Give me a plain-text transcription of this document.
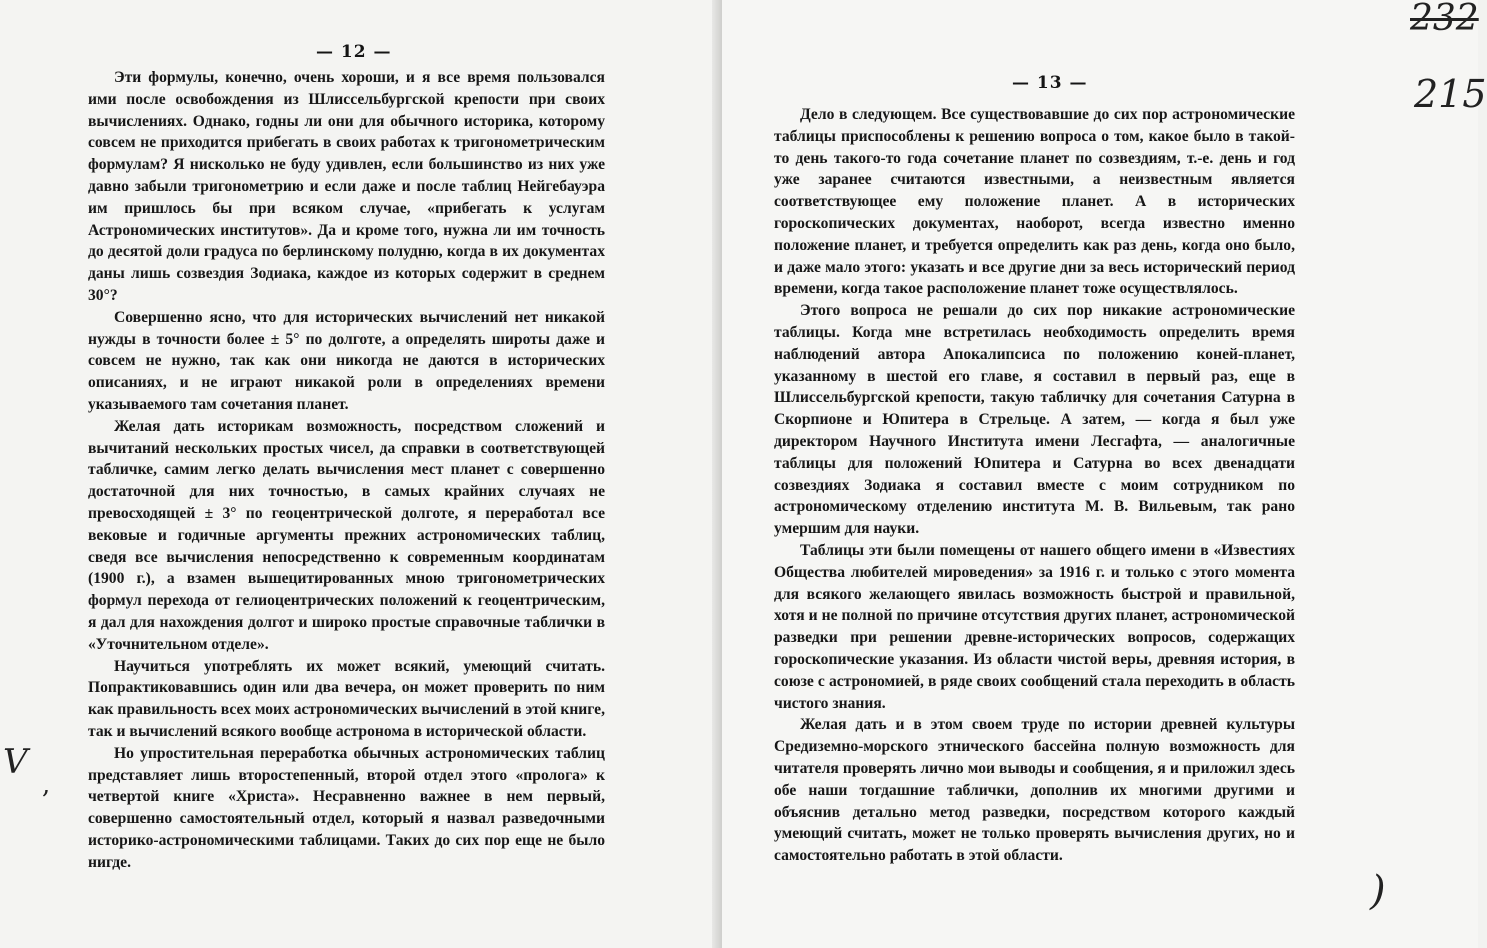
— 12 —

Эти формулы, конечно, очень хороши, и я все время пользовался ими после освобождения из Шлиссельбургской крепости при своих вычислениях. Однако, годны ли они для обычного историка, которому совсем не приходится прибегать в своих работах к тригонометрическим формулам? Я нисколько не буду удивлен, если большинство из них уже давно забыли тригонометрию и если даже и после таблиц Нейгебауэра им пришлось бы при всяком случае, «прибегать к услугам Астрономических институтов». Да и кроме того, нужна ли им точность до десятой доли градуса по берлинскому полудню, когда в их документах даны лишь созвездия Зодиака, каждое из которых содержит в среднем 30°?

Совершенно ясно, что для исторических вычислений нет никакой нужды в точности более ± 5° по долготе, а определять широты даже и совсем не нужно, так как они никогда не даются в исторических описаниях, и не играют никакой роли в определениях времени указываемого там сочетания планет.

Желая дать историкам возможность, посредством сложений и вычитаний нескольких простых чисел, да справки в соответствующей табличке, самим легко делать вычисления мест планет с совершенно достаточной для них точностью, в самых крайних случаях не превосходящей ± 3° по геоцентрической долготе, я переработал все вековые и годичные аргументы прежних астрономических таблиц, сведя все вычисления непосредственно к современным координатам (1900 г.), а взамен вышецитированных мною тригонометрических формул перехода от гелиоцентрических положений к геоцентрическим, я дал для нахождения долгот и широко простые справочные таблички в «Уточнительном отделе».

Научиться употреблять их может всякий, умеющий считать. Попрактиковавшись один или два вечера, он может проверить по ним как правильность всех моих астрономических вычислений в этой книге, так и вычислений всякого вообще астронома в исторической области.

Но упростительная переработка обычных астрономических таблиц представляет лишь второстепенный, второй отдел этого «пролога» к четвертой книге «Христа». Несравненно важнее в нем первый, совершенно самостоятельный отдел, который я назвал разведочными историко-астрономическими таблицами. Таких до сих пор еще не было нигде.

V
,
— 13 —

Дело в следующем. Все существовавшие до сих пор астрономические таблицы приспособлены к решению вопроса о том, какое было в такой-то день такого-то года сочетание планет по созвездиям, т.-е. день и год уже заранее считаются известными, а неизвестным является соответствующее ему положение планет. А в исторических гороскопических документах, наоборот, всегда известно именно положение планет, и требуется определить как раз день, когда оно было, и даже мало этого: указать и все другие дни за весь исторический период времени, когда такое расположение планет тоже осуществлялось.

Этого вопроса не решали до сих пор никакие астрономические таблицы. Когда мне встретилась необходимость определить время наблюдений автора Апокалипсиса по положению коней-планет, указанному в шестой его главе, я составил в первый раз, еще в Шлиссельбургской крепости, такую табличку для сочетания Сатурна в Скорпионе и Юпитера в Стрельце. А затем, — когда я был уже директором Научного Института имени Лесгафта, — аналогичные таблицы для положений Юпитера и Сатурна во всех двенадцати созвездиях Зодиака я составил вместе с моим сотрудником по астрономическому отделению института М. В. Вильевым, так рано умершим для науки.

Таблицы эти были помещены от нашего общего имени в «Известиях Общества любителей мироведения» за 1916 г. и только с этого момента для всякого желающего явилась возможность быстрой и правильной, хотя и не полной по причине отсутствия других планет, астрономической разведки при решении древне-исторических вопросов, содержащих гороскопические указания. Из области чистой веры, древняя история, в союзе с астрономией, в ряде своих сообщений стала переходить в область чистого знания.

Желая дать и в этом своем труде по истории древней культуры Средиземно-морского этнического бассейна полную возможность для читателя проверять лично мои выводы и сообщения, я и приложил здесь обе наши тогдашние таблички, дополнив их многими другими и объяснив детально метод разведки, посредством которого каждый умеющий считать, может не только проверять вычисления других, но и самостоятельно работать в этой области.

232
215
)
